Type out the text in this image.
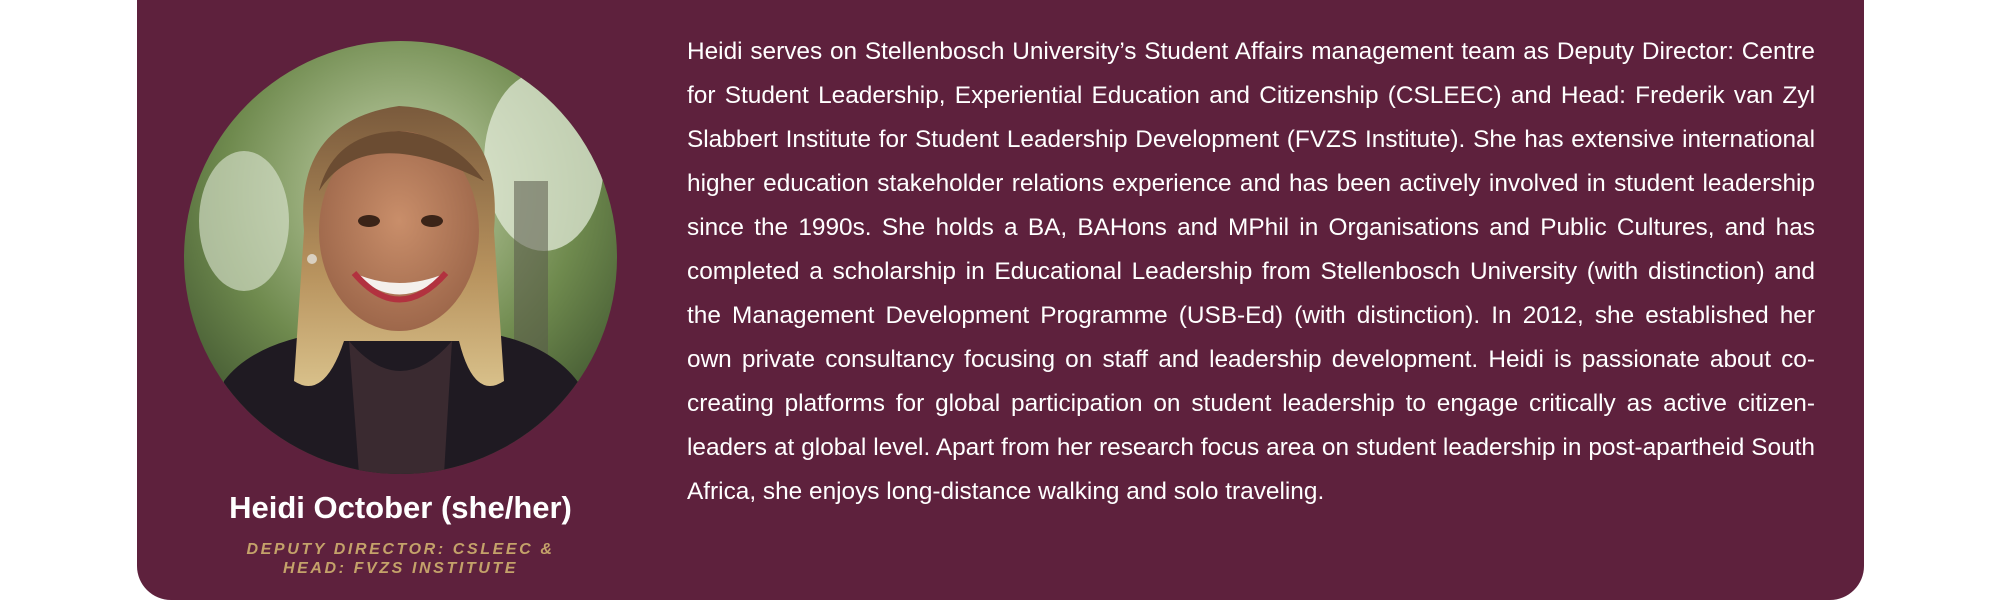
Heidi October (she/her)
DEPUTY DIRECTOR: CSLEEC & HEAD: FVZS INSTITUTE

Heidi serves on Stellenbosch University’s Student Affairs management team as Deputy Director: Centre for Student Leadership, Experiential Education and Citizenship (CSLEEC) and Head: Frederik van Zyl Slabbert Institute for Student Leadership Development (FVZS Institute). She has extensive international higher education stakeholder relations experience and has been actively involved in student leadership since the 1990s. She holds a BA, BAHons and MPhil in Organisations and Public Cultures, and has completed a scholarship in Educational Leadership from Stellenbosch University (with distinction) and the Management Development Programme (USB-Ed) (with distinction). In 2012, she established her own private consultancy focusing on staff and leadership development. Heidi is passionate about co-creating platforms for global participation on student leadership to engage critically as active citizen-leaders at global level. Apart from her research focus area on student leadership in post-apartheid South Africa, she enjoys long-distance walking and solo traveling.
